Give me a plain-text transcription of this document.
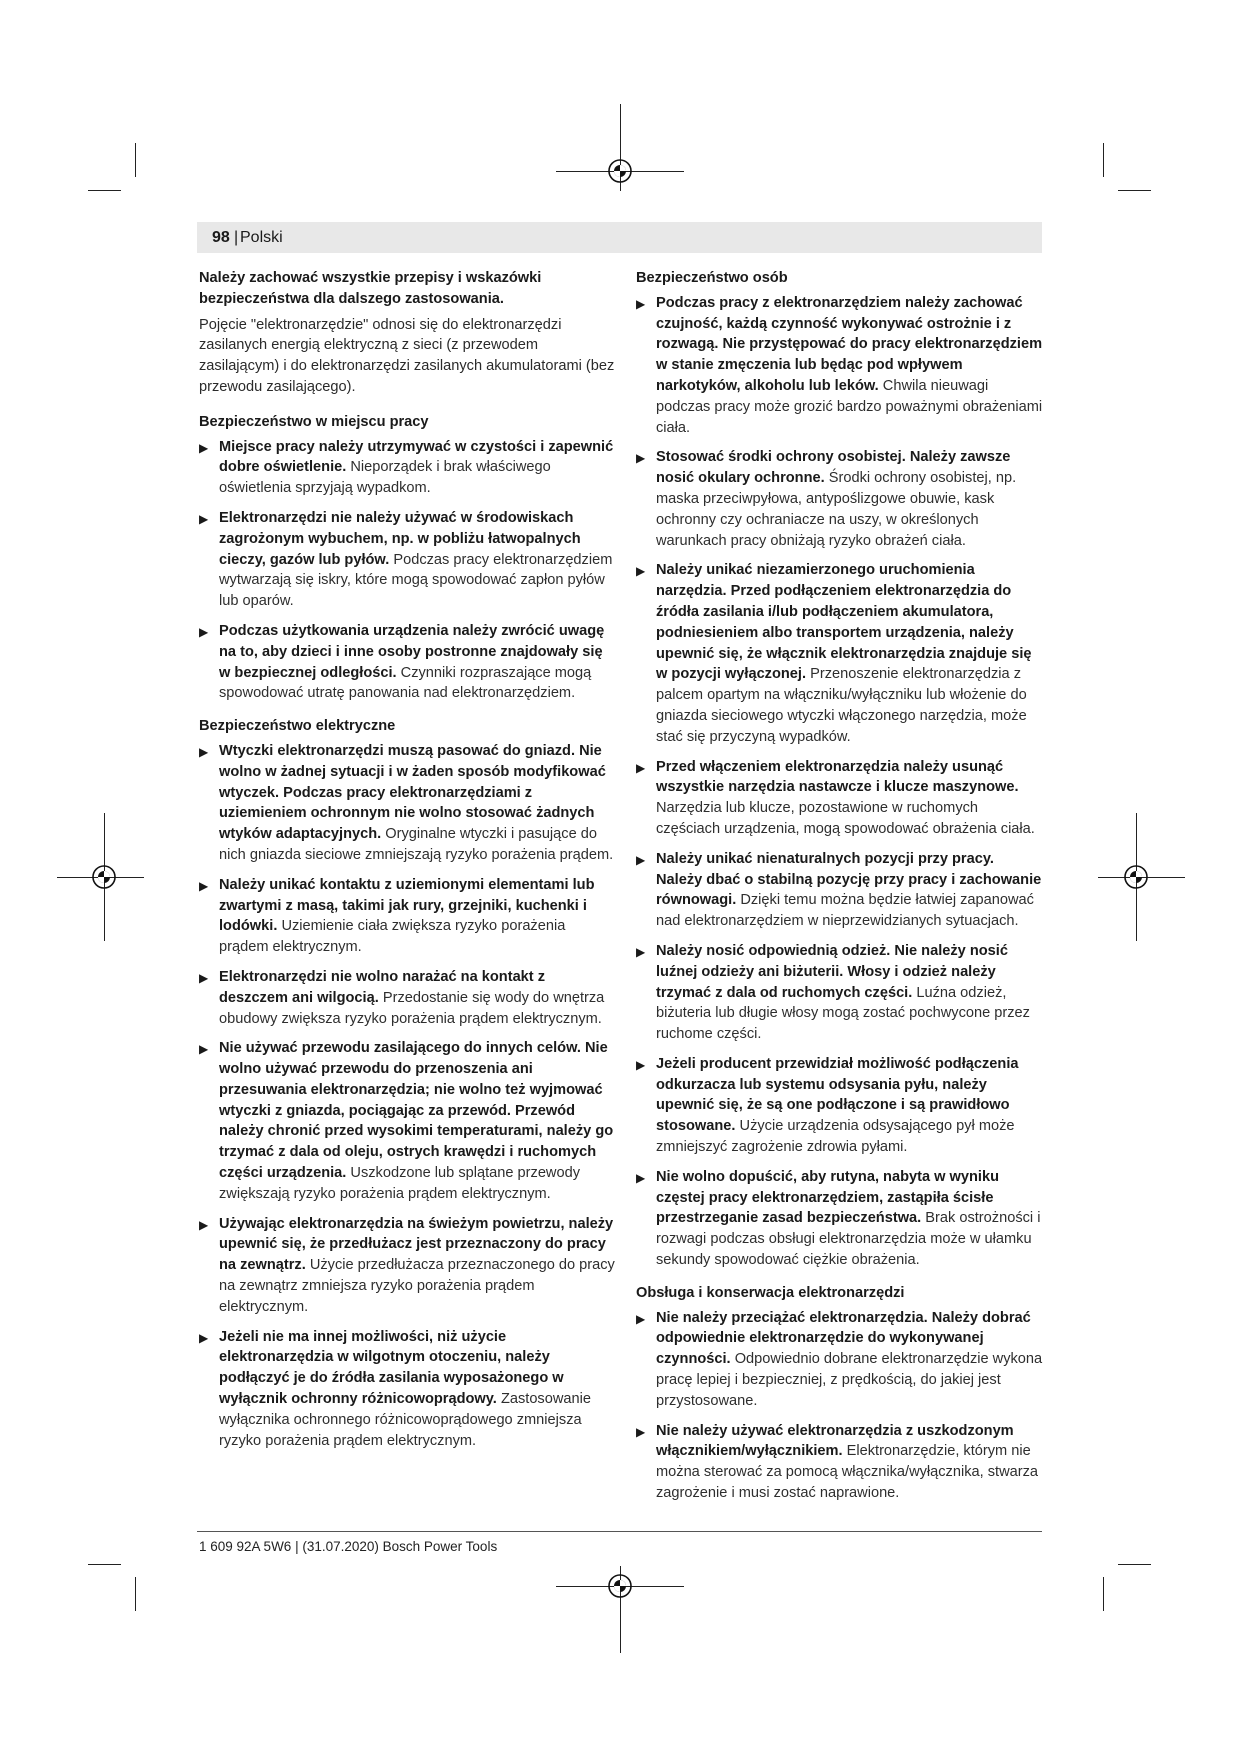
98 | Polski

Należy zachować wszystkie przepisy i wskazówki bezpieczeństwa dla dalszego zastosowania.

Pojęcie "elektronarzędzie" odnosi się do elektronarzędzi zasilanych energią elektryczną z sieci (z przewodem zasilającym) i do elektronarzędzi zasilanych akumulatorami (bez przewodu zasilającego).

Bezpieczeństwo w miejscu pracy

▶ Miejsce pracy należy utrzymywać w czystości i zapewnić dobre oświetlenie. Nieporządek i brak właściwego oświetlenia sprzyjają wypadkom.
▶ Elektronarzędzi nie należy używać w środowiskach zagrożonym wybuchem, np. w pobliżu łatwopalnych cieczy, gazów lub pyłów. Podczas pracy elektronarzędziem wytwarzają się iskry, które mogą spowodować zapłon pyłów lub oparów.
▶ Podczas użytkowania urządzenia należy zwrócić uwagę na to, aby dzieci i inne osoby postronne znajdowały się w bezpiecznej odległości. Czynniki rozpraszające mogą spowodować utratę panowania nad elektronarzędziem.

Bezpieczeństwo elektryczne

▶ Wtyczki elektronarzędzi muszą pasować do gniazd. Nie wolno w żadnej sytuacji i w żaden sposób modyfikować wtyczek. Podczas pracy elektronarzędziami z uziemieniem ochronnym nie wolno stosować żadnych wtyków adaptacyjnych. Oryginalne wtyczki i pasujące do nich gniazda sieciowe zmniejszają ryzyko porażenia prądem.
▶ Należy unikać kontaktu z uziemionymi elementami lub zwartymi z masą, takimi jak rury, grzejniki, kuchenki i lodówki. Uziemienie ciała zwiększa ryzyko porażenia prądem elektrycznym.
▶ Elektronarzędzi nie wolno narażać na kontakt z deszczem ani wilgocią. Przedostanie się wody do wnętrza obudowy zwiększa ryzyko porażenia prądem elektrycznym.
▶ Nie używać przewodu zasilającego do innych celów. Nie wolno używać przewodu do przenoszenia ani przesuwania elektronarzędzia; nie wolno też wyjmować wtyczki z gniazda, pociągając za przewód. Przewód należy chronić przed wysokimi temperaturami, należy go trzymać z dala od oleju, ostrych krawędzi i ruchomych części urządzenia. Uszkodzone lub splątane przewody zwiększają ryzyko porażenia prądem elektrycznym.
▶ Używając elektronarzędzia na świeżym powietrzu, należy upewnić się, że przedłużacz jest przeznaczony do pracy na zewnątrz. Użycie przedłużacza przeznaczonego do pracy na zewnątrz zmniejsza ryzyko porażenia prądem elektrycznym.
▶ Jeżeli nie ma innej możliwości, niż użycie elektronarzędzia w wilgotnym otoczeniu, należy podłączyć je do źródła zasilania wyposażonego w wyłącznik ochronny różnicowoprądowy. Zastosowanie wyłącznika ochronnego różnicowoprądowego zmniejsza ryzyko porażenia prądem elektrycznym.

Bezpieczeństwo osób

▶ Podczas pracy z elektronarzędziem należy zachować czujność, każdą czynność wykonywać ostrożnie i z rozwagą. Nie przystępować do pracy elektronarzędziem w stanie zmęczenia lub będąc pod wpływem narkotyków, alkoholu lub leków. Chwila nieuwagi podczas pracy może grozić bardzo poważnymi obrażeniami ciała.
▶ Stosować środki ochrony osobistej. Należy zawsze nosić okulary ochronne. Środki ochrony osobistej, np. maska przeciwpyłowa, antypoślizgowe obuwie, kask ochronny czy ochraniacze na uszy, w określonych warunkach pracy obniżają ryzyko obrażeń ciała.
▶ Należy unikać niezamierzonego uruchomienia narzędzia. Przed podłączeniem elektronarzędzia do źródła zasilania i/lub podłączeniem akumulatora, podniesieniem albo transportem urządzenia, należy upewnić się, że włącznik elektronarzędzia znajduje się w pozycji wyłączonej. Przenoszenie elektronarzędzia z palcem opartym na włączniku/wyłączniku lub włożenie do gniazda sieciowego wtyczki włączonego narzędzia, może stać się przyczyną wypadków.
▶ Przed włączeniem elektronarzędzia należy usunąć wszystkie narzędzia nastawcze i klucze maszynowe. Narzędzia lub klucze, pozostawione w ruchomych częściach urządzenia, mogą spowodować obrażenia ciała.
▶ Należy unikać nienaturalnych pozycji przy pracy. Należy dbać o stabilną pozycję przy pracy i zachowanie równowagi. Dzięki temu można będzie łatwiej zapanować nad elektronarzędziem w nieprzewidzianych sytuacjach.
▶ Należy nosić odpowiednią odzież. Nie należy nosić luźnej odzieży ani biżuterii. Włosy i odzież należy trzymać z dala od ruchomych części. Luźna odzież, biżuteria lub długie włosy mogą zostać pochwycone przez ruchome części.
▶ Jeżeli producent przewidział możliwość podłączenia odkurzacza lub systemu odsysania pyłu, należy upewnić się, że są one podłączone i są prawidłowo stosowane. Użycie urządzenia odsysającego pył może zmniejszyć zagrożenie zdrowia pyłami.
▶ Nie wolno dopuścić, aby rutyna, nabyta w wyniku częstej pracy elektronarzędziem, zastąpiła ścisłe przestrzeganie zasad bezpieczeństwa. Brak ostrożności i rozwagi podczas obsługi elektronarzędzia może w ułamku sekundy spowodować ciężkie obrażenia.

Obsługa i konserwacja elektronarzędzi

▶ Nie należy przeciążać elektronarzędzia. Należy dobrać odpowiednie elektronarzędzie do wykonywanej czynności. Odpowiednio dobrane elektronarzędzie wykona pracę lepiej i bezpieczniej, z prędkością, do jakiej jest przystosowane.
▶ Nie należy używać elektronarzędzia z uszkodzonym włącznikiem/wyłącznikiem. Elektronarzędzie, którym nie można sterować za pomocą włącznika/wyłącznika, stwarza zagrożenie i musi zostać naprawione.
1 609 92A 5W6 | (31.07.2020) Bosch Power Tools
